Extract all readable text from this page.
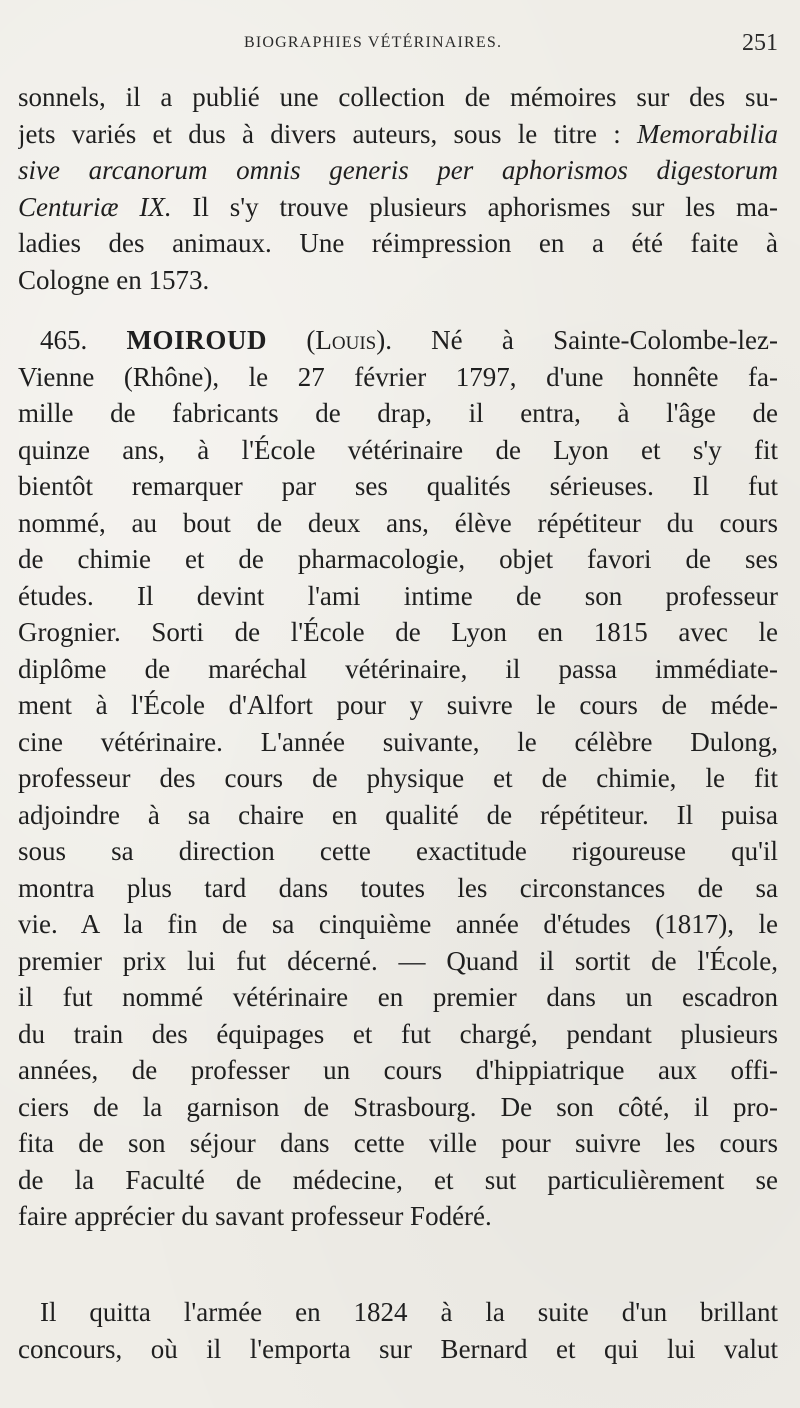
BIOGRAPHIES VÉTÉRINAIRES.	251
sonnels, il a publié une collection de mémoires sur des su-
jets variés et dus à divers auteurs, sous le titre : Memorabilia
sive arcanorum omnis generis per aphorismos digestorum
Centuriæ IX. Il s'y trouve plusieurs aphorismes sur les ma-
ladies des animaux. Une réimpression en a été faite à
Cologne en 1573.
465. MOIROUD (Louis). Né à Sainte-Colombe-lez-
Vienne (Rhône), le 27 février 1797, d'une honnête fa-
mille de fabricants de drap, il entra, à l'âge de
quinze ans, à l'École vétérinaire de Lyon et s'y fit
bientôt remarquer par ses qualités sérieuses. Il fut
nommé, au bout de deux ans, élève répétiteur du cours
de chimie et de pharmacologie, objet favori de ses
études. Il devint l'ami intime de son professeur
Grognier. Sorti de l'École de Lyon en 1815 avec le
diplôme de maréchal vétérinaire, il passa immédiate-
ment à l'École d'Alfort pour y suivre le cours de méde-
cine vétérinaire. L'année suivante, le célèbre Dulong,
professeur des cours de physique et de chimie, le fit
adjoindre à sa chaire en qualité de répétiteur. Il puisa
sous sa direction cette exactitude rigoureuse qu'il
montra plus tard dans toutes les circonstances de sa
vie. A la fin de sa cinquième année d'études (1817), le
premier prix lui fut décerné. — Quand il sortit de l'École,
il fut nommé vétérinaire en premier dans un escadron
du train des équipages et fut chargé, pendant plusieurs
années, de professer un cours d'hippiatrique aux offi-
ciers de la garnison de Strasbourg. De son côté, il pro-
fita de son séjour dans cette ville pour suivre les cours
de la Faculté de médecine, et sut particulièrement se
faire apprécier du savant professeur Fodéré.
Il quitta l'armée en 1824 à la suite d'un brillant
concours, où il l'emporta sur Bernard et qui lui valut
